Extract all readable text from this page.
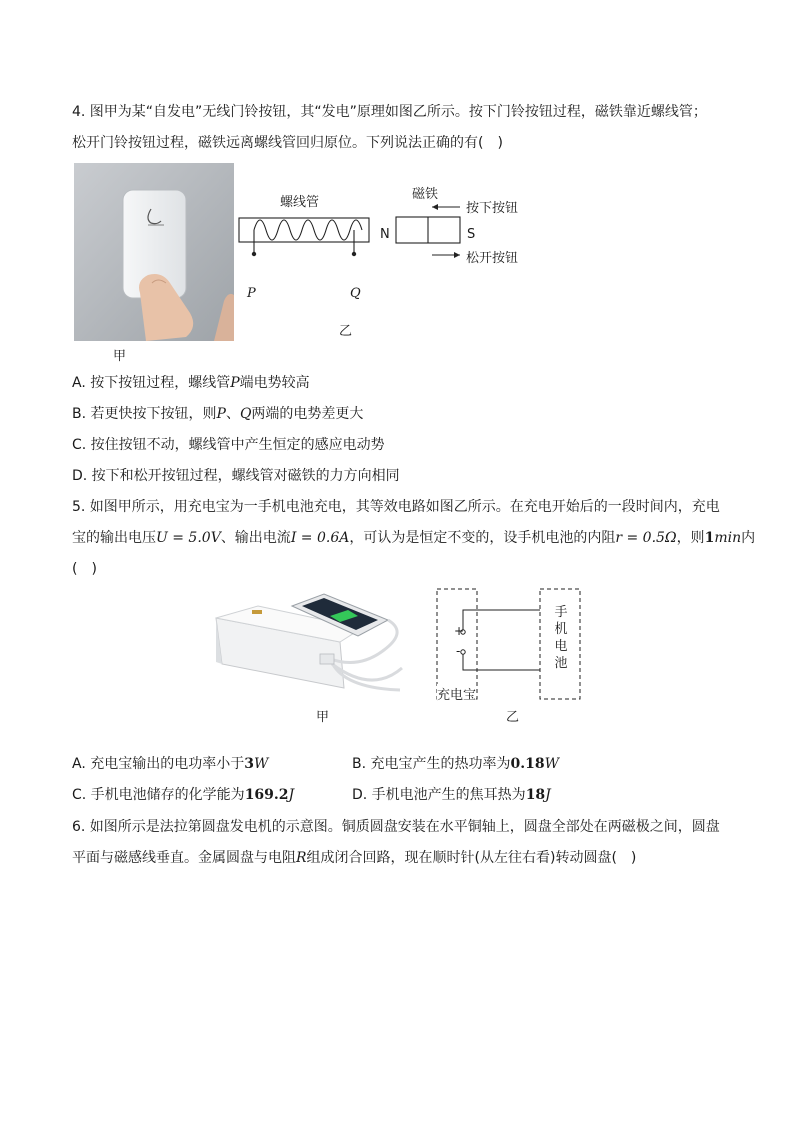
4. 图甲为某“自发电”无线门铃按钮，其“发电”原理如图乙所示。按下门铃按钮过程，磁铁靠近螺线管；
松开门铃按钮过程，磁铁远离螺线管回归原位。下列说法正确的有(　)
甲
螺线管
磁铁
N	S
按下按钮
松开按钮
P	Q
乙
A. 按下按钮过程，螺线管P端电势较高
B. 若更快按下按钮，则P、Q两端的电势差更大
C. 按住按钮不动，螺线管中产生恒定的感应电动势
D. 按下和松开按钮过程，螺线管对磁铁的力方向相同
5. 如图甲所示，用充电宝为一手机电池充电，其等效电路如图乙所示。在充电开始后的一段时间内，充电
宝的输出电压U = 5.0V、输出电流I = 0.6A，可认为是恒定不变的，设手机电池的内阻r = 0.5Ω，则1min内
(　)
甲
+
-
充电宝
手
机
电
池
乙
A. 充电宝输出的电功率小于3W	B. 充电宝产生的热功率为0.18W
C. 手机电池储存的化学能为169.2J	D. 手机电池产生的焦耳热为18J
6. 如图所示是法拉第圆盘发电机的示意图。铜质圆盘安装在水平铜轴上，圆盘全部处在两磁极之间，圆盘
平面与磁感线垂直。金属圆盘与电阻R组成闭合回路，现在顺时针(从左往右看)转动圆盘(　)
